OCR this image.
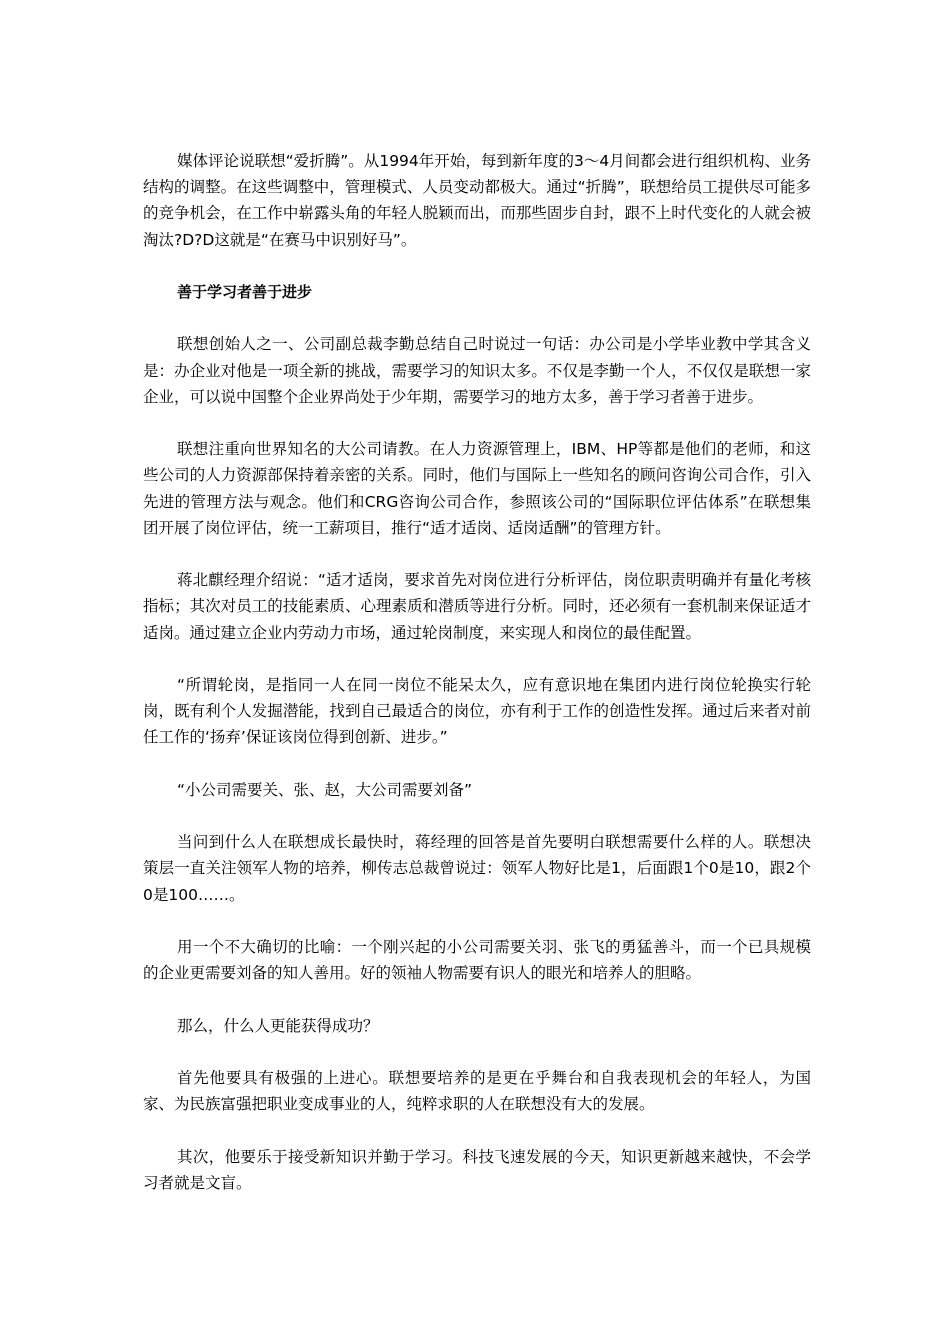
媒体评论说联想“爱折腾”。从1994年开始，每到新年度的3～4月间都会进行组织机构、业务结构的调整。在这些调整中，管理模式、人员变动都极大。通过“折腾”，联想给员工提供尽可能多的竞争机会，在工作中崭露头角的年轻人脱颖而出，而那些固步自封，跟不上时代变化的人就会被淘汰?D?D这就是“在赛马中识别好马”。

善于学习者善于进步

联想创始人之一、公司副总裁李勤总结自己时说过一句话：办公司是小学毕业教中学其含义是：办企业对他是一项全新的挑战，需要学习的知识太多。不仅是李勤一个人，不仅仅是联想一家企业，可以说中国整个企业界尚处于少年期，需要学习的地方太多，善于学习者善于进步。

联想注重向世界知名的大公司请教。在人力资源管理上，IBM、HP等都是他们的老师，和这些公司的人力资源部保持着亲密的关系。同时，他们与国际上一些知名的顾问咨询公司合作，引入先进的管理方法与观念。他们和CRG咨询公司合作，参照该公司的“国际职位评估体系”在联想集团开展了岗位评估，统一工薪项目，推行“适才适岗、适岗适酬”的管理方针。

蒋北麒经理介绍说：“适才适岗，要求首先对岗位进行分析评估，岗位职责明确并有量化考核指标；其次对员工的技能素质、心理素质和潜质等进行分析。同时，还必须有一套机制来保证适才适岗。通过建立企业内劳动力市场，通过轮岗制度，来实现人和岗位的最佳配置。

“所谓轮岗，是指同一人在同一岗位不能呆太久，应有意识地在集团内进行岗位轮换实行轮岗，既有利个人发掘潜能，找到自己最适合的岗位，亦有利于工作的创造性发挥。通过后来者对前任工作的‘扬弃’保证该岗位得到创新、进步。”

“小公司需要关、张、赵，大公司需要刘备”

当问到什么人在联想成长最快时，蒋经理的回答是首先要明白联想需要什么样的人。联想决策层一直关注领军人物的培养，柳传志总裁曾说过：领军人物好比是1，后面跟1个0是10，跟2个0是100……。

用一个不大确切的比喻：一个刚兴起的小公司需要关羽、张飞的勇猛善斗，而一个已具规模的企业更需要刘备的知人善用。好的领袖人物需要有识人的眼光和培养人的胆略。

那么，什么人更能获得成功？

首先他要具有极强的上进心。联想要培养的是更在乎舞台和自我表现机会的年轻人，为国家、为民族富强把职业变成事业的人，纯粹求职的人在联想没有大的发展。

其次，他要乐于接受新知识并勤于学习。科技飞速发展的今天，知识更新越来越快，不会学习者就是文盲。
